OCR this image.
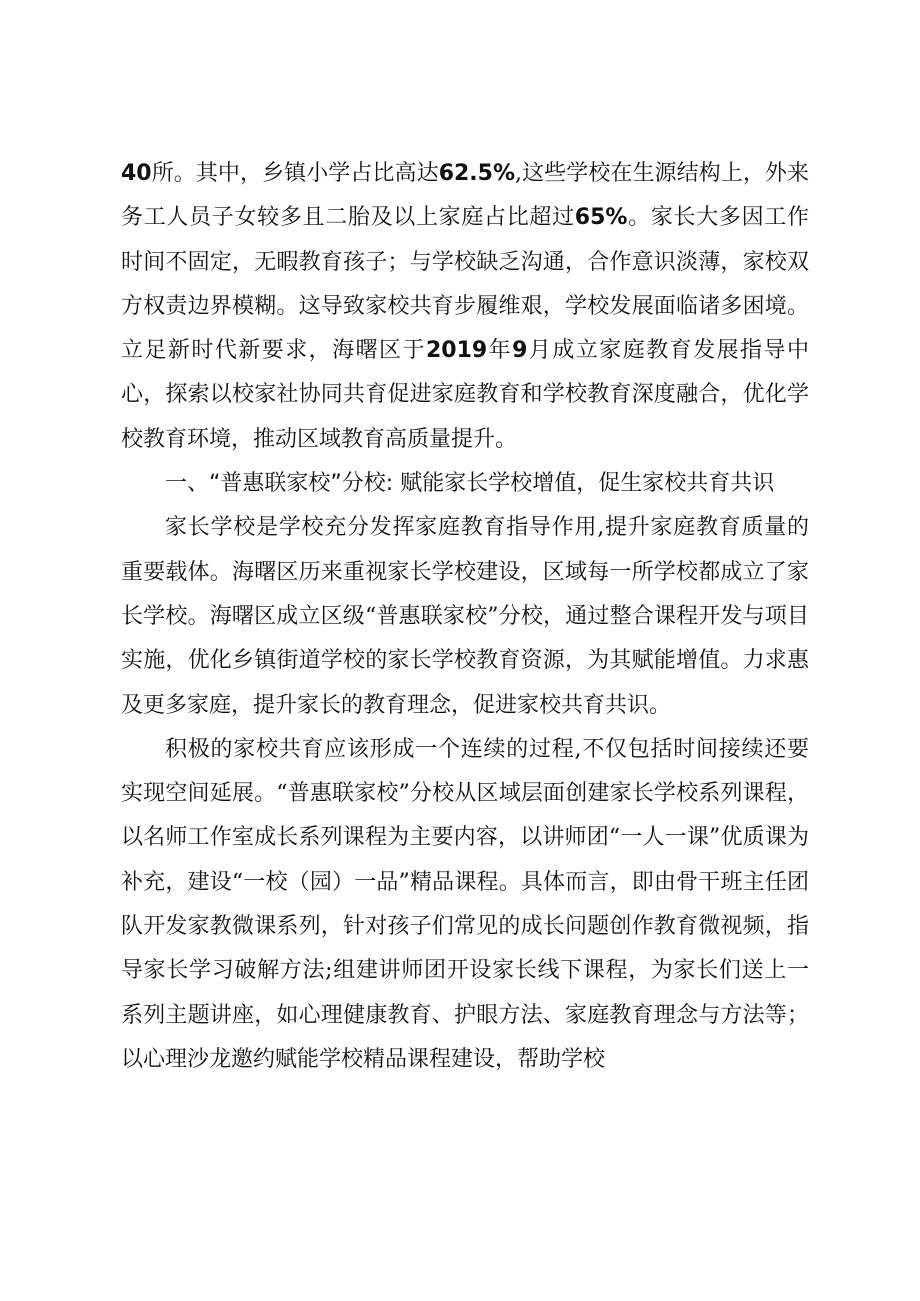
40所。其中，乡镇小学占比高达62.5%,这些学校在生源结构上，外来务工人员子女较多且二胎及以上家庭占比超过65%。家长大多因工作时间不固定，无暇教育孩子；与学校缺乏沟通，合作意识淡薄，家校双方权责边界模糊。这导致家校共育步履维艰，学校发展面临诸多困境。立足新时代新要求，海曙区于2019年9月成立家庭教育发展指导中心，探索以校家社协同共育促进家庭教育和学校教育深度融合，优化学校教育环境，推动区域教育高质量提升。

一、“普惠联家校”分校: 赋能家长学校增值，促生家校共育共识

家长学校是学校充分发挥家庭教育指导作用,提升家庭教育质量的重要载体。海曙区历来重视家长学校建设，区域每一所学校都成立了家长学校。海曙区成立区级“普惠联家校”分校，通过整合课程开发与项目实施，优化乡镇街道学校的家长学校教育资源，为其赋能增值。力求惠及更多家庭，提升家长的教育理念，促进家校共育共识。

积极的家校共育应该形成一个连续的过程,不仅包括时间接续还要实现空间延展。“普惠联家校”分校从区域层面创建家长学校系列课程，以名师工作室成长系列课程为主要内容，以讲师团“一人一课”优质课为补充，建设“一校（园）一品”精品课程。具体而言，即由骨干班主任团队开发家教微课系列，针对孩子们常见的成长问题创作教育微视频，指导家长学习破解方法;组建讲师团开设家长线下课程，为家长们送上一系列主题讲座，如心理健康教育、护眼方法、家庭教育理念与方法等；以心理沙龙邀约赋能学校精品课程建设，帮助学校
